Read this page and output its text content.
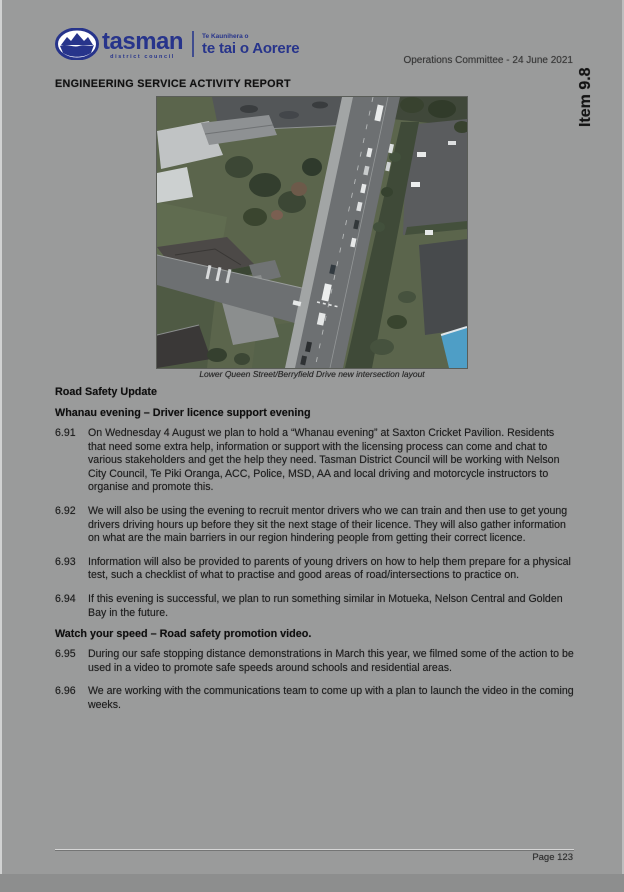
tasman
district council
Te Kaunihera o
te tai o Aorere
Operations Committee - 24 June 2021
Item 9.8
ENGINEERING SERVICE ACTIVITY REPORT
Lower Queen Street/Berryfield Drive new intersection layout
Road Safety Update
Whanau evening – Driver licence support evening
6.91	On Wednesday 4 August we plan to hold a “Whanau evening” at Saxton Cricket Pavilion. Residents that need some extra help, information or support with the licensing process can come and chat to various stakeholders and get the help they need. Tasman District Council will be working with Nelson City Council, Te Piki Oranga, ACC, Police, MSD, AA and local driving and motorcycle instructors to organise and promote this.
6.92	We will also be using the evening to recruit mentor drivers who we can train and then use to get young drivers driving hours up before they sit the next stage of their licence. They will also gather information on what are the main barriers in our region hindering people from getting their correct licence.
6.93	Information will also be provided to parents of young drivers on how to help them prepare for a physical test, such a checklist of what to practise and good areas of road/intersections to practice on.
6.94	If this evening is successful, we plan to run something similar in Motueka, Nelson Central and Golden Bay in the future.
Watch your speed – Road safety promotion video.
6.95	During our safe stopping distance demonstrations in March this year, we filmed some of the action to be used in a video to promote safe speeds around schools and residential areas.
6.96	We are working with the communications team to come up with a plan to launch the video in the coming weeks.
Page 123
